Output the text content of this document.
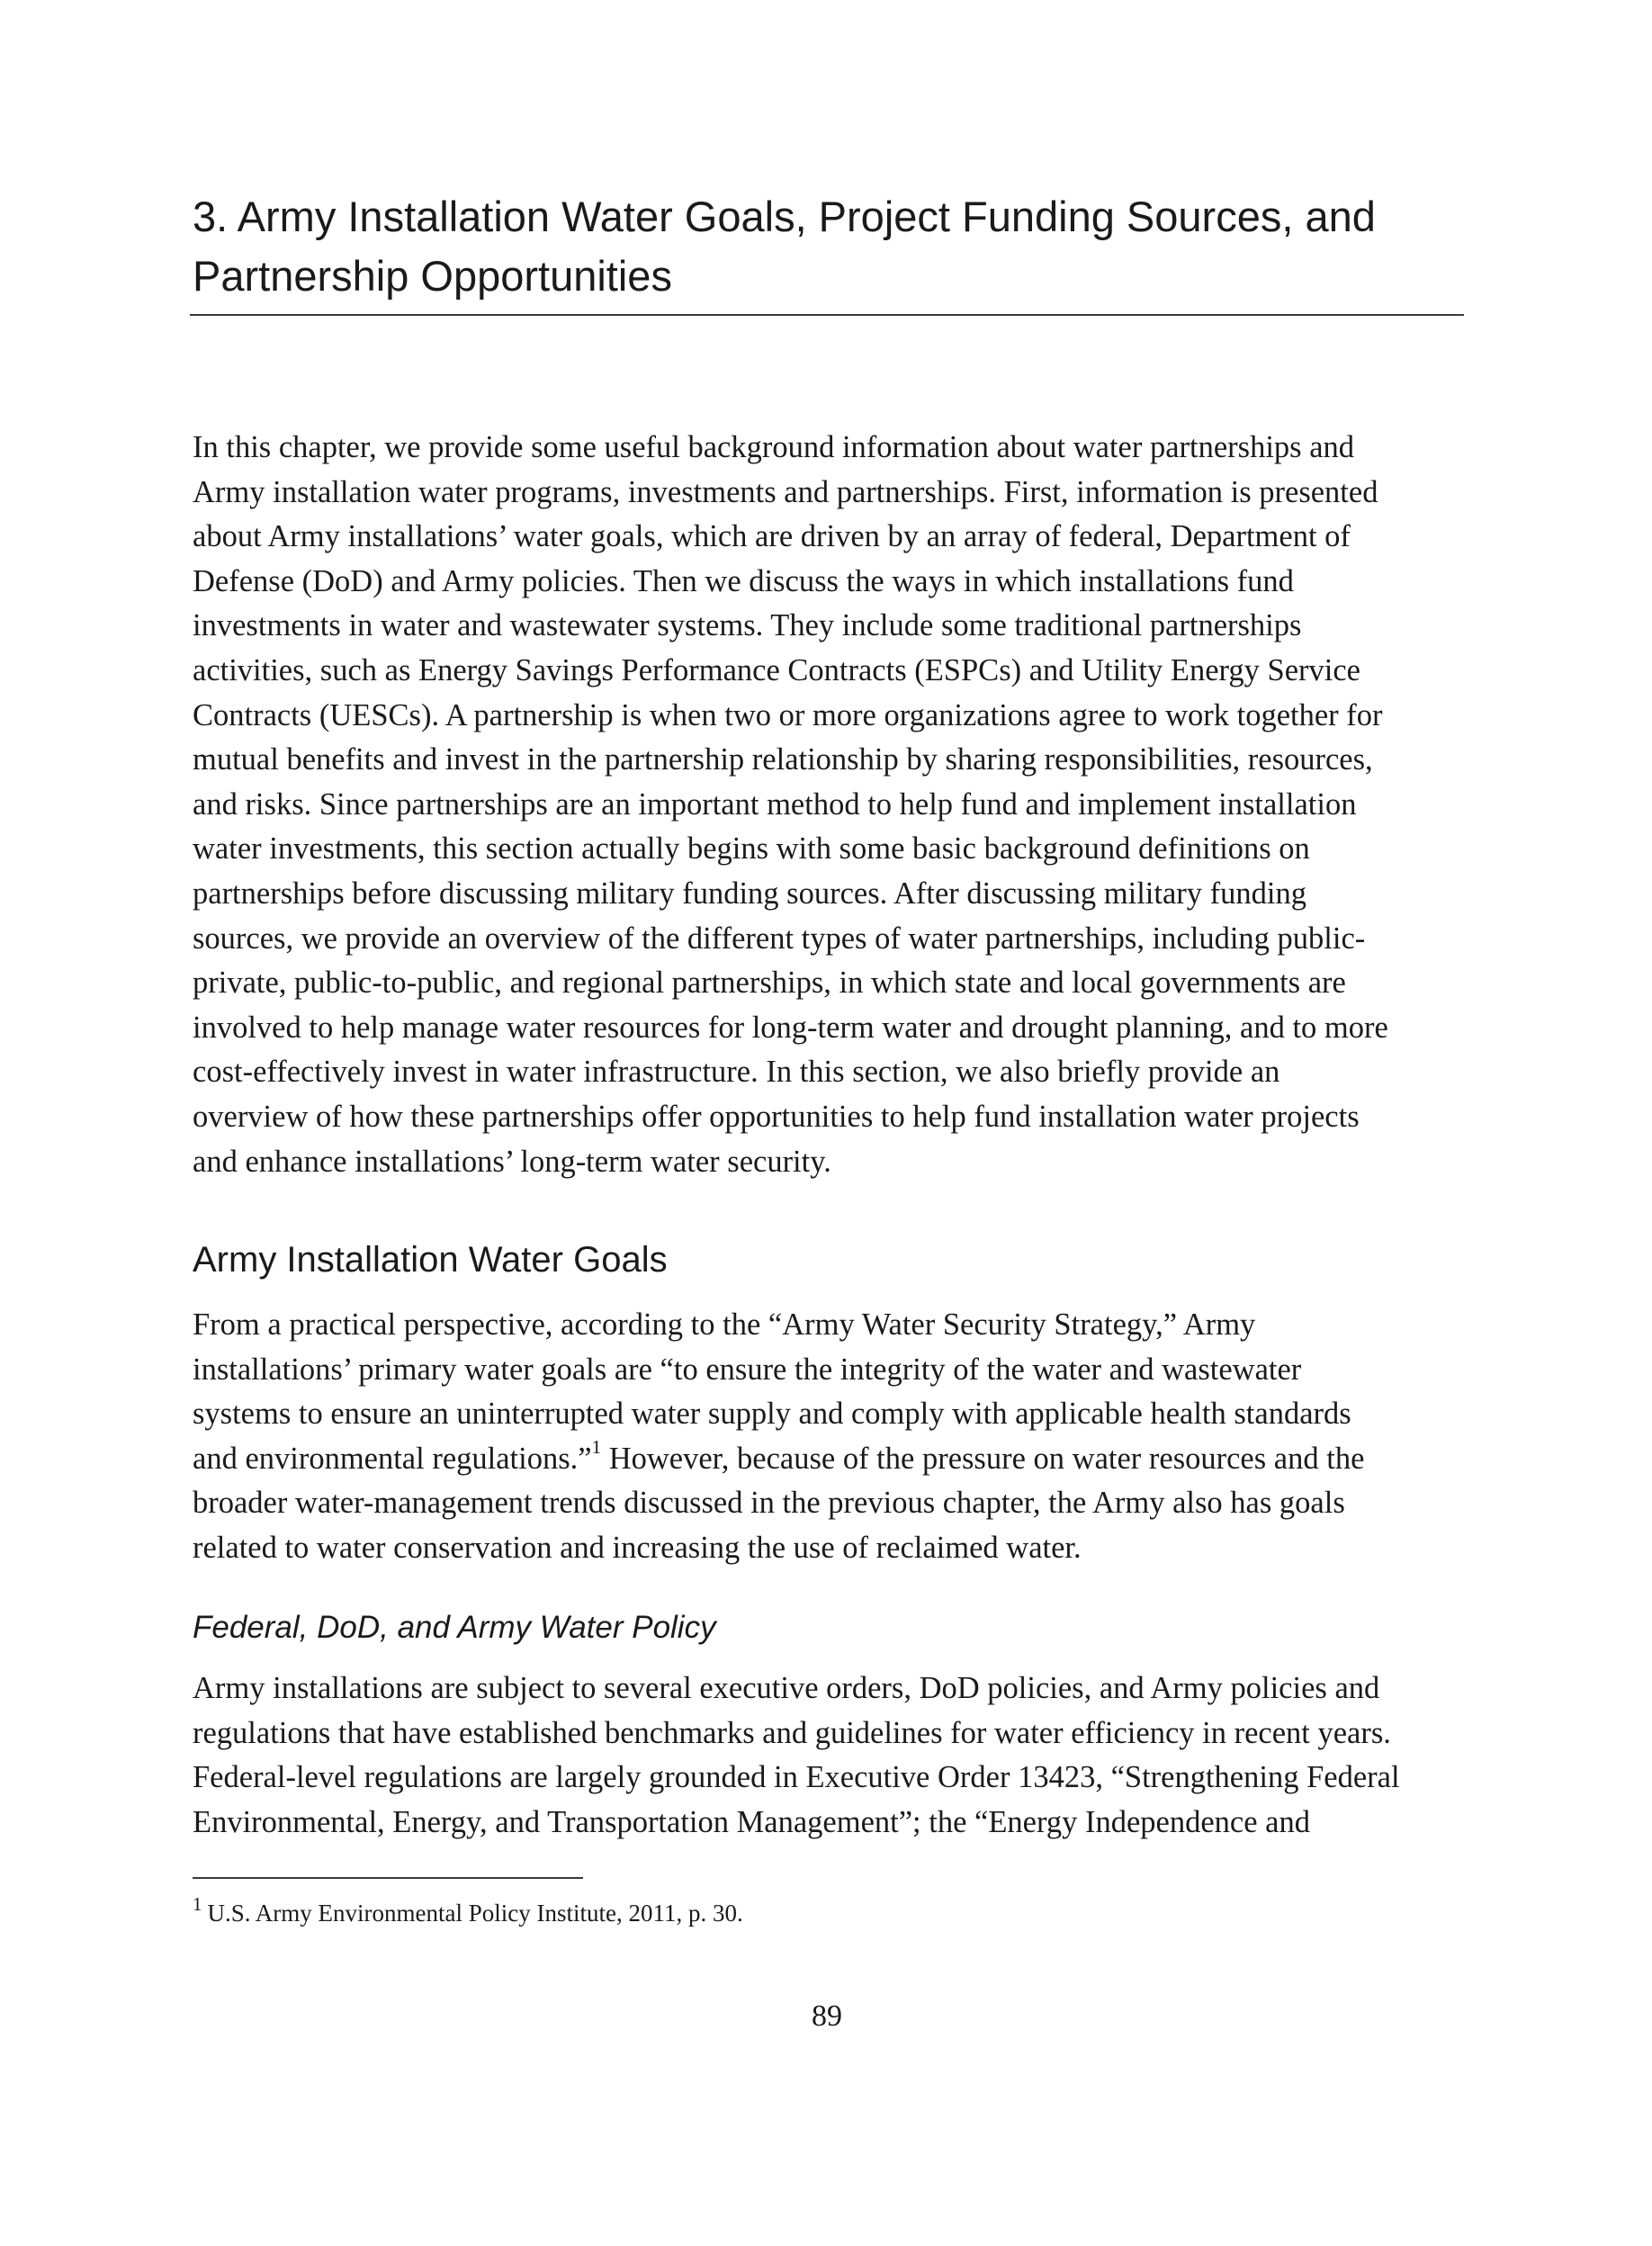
3. Army Installation Water Goals, Project Funding Sources, and
Partnership Opportunities

In this chapter, we provide some useful background information about water partnerships and
Army installation water programs, investments and partnerships. First, information is presented
about Army installations’ water goals, which are driven by an array of federal, Department of
Defense (DoD) and Army policies. Then we discuss the ways in which installations fund
investments in water and wastewater systems. They include some traditional partnerships
activities, such as Energy Savings Performance Contracts (ESPCs) and Utility Energy Service
Contracts (UESCs). A partnership is when two or more organizations agree to work together for
mutual benefits and invest in the partnership relationship by sharing responsibilities, resources,
and risks. Since partnerships are an important method to help fund and implement installation
water investments, this section actually begins with some basic background definitions on
partnerships before discussing military funding sources. After discussing military funding
sources, we provide an overview of the different types of water partnerships, including public-
private, public-to-public, and regional partnerships, in which state and local governments are
involved to help manage water resources for long-term water and drought planning, and to more
cost-effectively invest in water infrastructure. In this section, we also briefly provide an
overview of how these partnerships offer opportunities to help fund installation water projects
and enhance installations’ long-term water security.

Army Installation Water Goals

From a practical perspective, according to the “Army Water Security Strategy,” Army
installations’ primary water goals are “to ensure the integrity of the water and wastewater
systems to ensure an uninterrupted water supply and comply with applicable health standards
and environmental regulations.”$^1$ However, because of the pressure on water resources and the
broader water-management trends discussed in the previous chapter, the Army also has goals
related to water conservation and increasing the use of reclaimed water.

Federal, DoD, and Army Water Policy

Army installations are subject to several executive orders, DoD policies, and Army policies and
regulations that have established benchmarks and guidelines for water efficiency in recent years.
Federal-level regulations are largely grounded in Executive Order 13423, “Strengthening Federal
Environmental, Energy, and Transportation Management”; the “Energy Independence and

$^1$ U.S. Army Environmental Policy Institute, 2011, p. 30.
89
